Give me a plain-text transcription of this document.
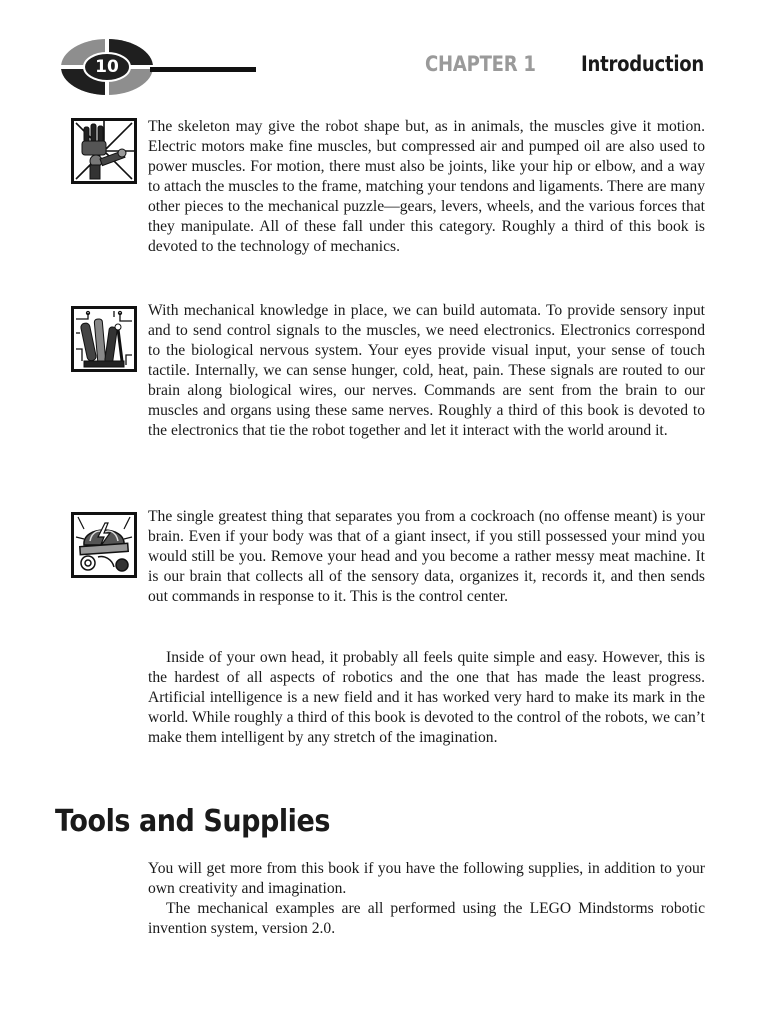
10	CHAPTER 1 Introduction

The skeleton may give the robot shape but, as in animals, the muscles give it motion. Electric motors make fine muscles, but compressed air and pumped oil are also used to power muscles. For motion, there must also be joints, like your hip or elbow, and a way to attach the muscles to the frame, matching your tendons and ligaments. There are many other pieces to the mechanical puzzle—gears, levers, wheels, and the various forces that they manipulate. All of these fall under this category. Roughly a third of this book is devoted to the technology of mechanics.

With mechanical knowledge in place, we can build automata. To provide sensory input and to send control signals to the muscles, we need electronics. Electronics correspond to the biological nervous system. Your eyes provide visual input, your sense of touch tactile. Internally, we can sense hunger, cold, heat, pain. These signals are routed to our brain along biological wires, our nerves. Commands are sent from the brain to our muscles and organs using these same nerves. Roughly a third of this book is devoted to the electronics that tie the robot together and let it interact with the world around it.

The single greatest thing that separates you from a cockroach (no offense meant) is your brain. Even if your body was that of a giant insect, if you still possessed your mind you would still be you. Remove your head and you become a rather messy meat machine. It is our brain that collects all of the sensory data, organizes it, records it, and then sends out commands in response to it. This is the control center.

Inside of your own head, it probably all feels quite simple and easy. However, this is the hardest of all aspects of robotics and the one that has made the least progress. Artificial intelligence is a new field and it has worked very hard to make its mark in the world. While roughly a third of this book is devoted to the control of the robots, we can’t make them intelligent by any stretch of the imagination.

Tools and Supplies

You will get more from this book if you have the following supplies, in addition to your own creativity and imagination.

The mechanical examples are all performed using the LEGO Mindstorms robotic invention system, version 2.0.
